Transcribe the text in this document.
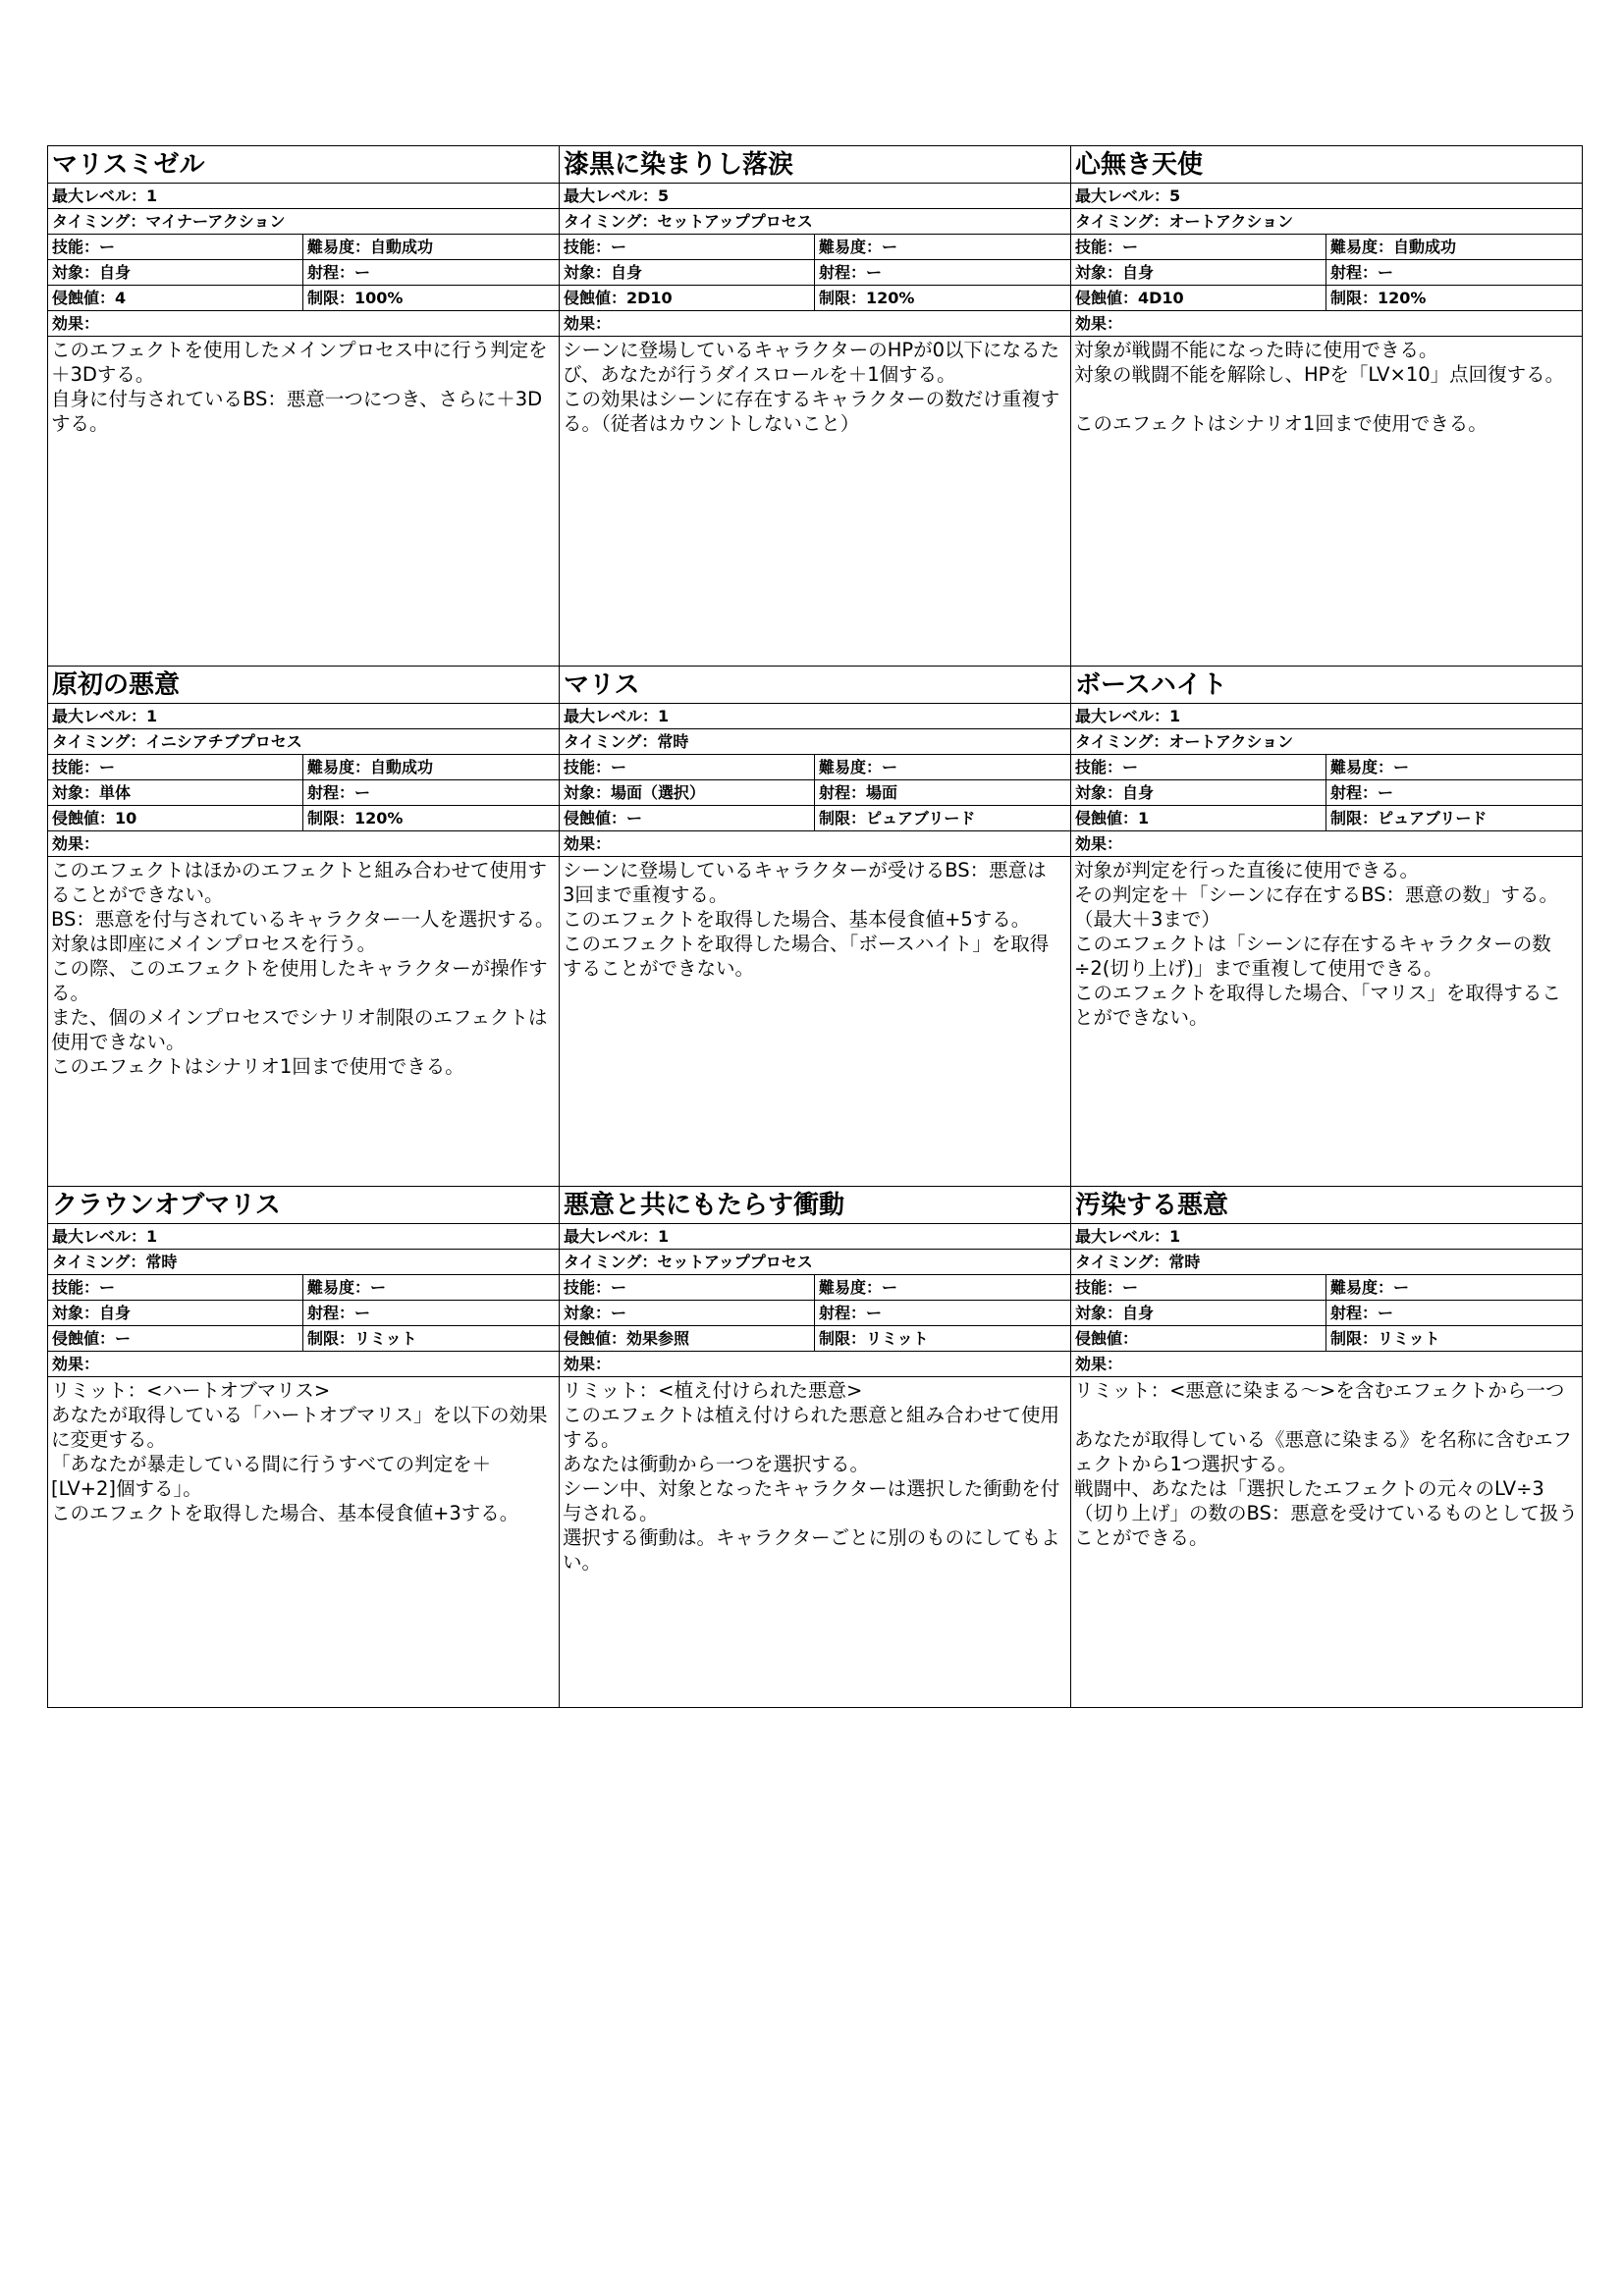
マリスミゼル
最大レベル：1
タイミング：マイナーアクション
技能：ー	難易度：自動成功
対象：自身	射程：ー
侵蝕値：4	制限：100%
効果：
このエフェクトを使用したメインプロセス中に行う判定を＋3Dする。
自身に付与されているBS：悪意一つにつき、さらに＋3Dする。
漆黒に染まりし落涙
最大レベル：5
タイミング：セットアッププロセス
技能：ー	難易度：ー
対象：自身	射程：ー
侵蝕値：2D10	制限：120%
効果：
シーンに登場しているキャラクターのHPが0以下になるたび、あなたが行うダイスロールを＋1個する。
この効果はシーンに存在するキャラクターの数だけ重複する。（従者はカウントしないこと）
心無き天使
最大レベル：5
タイミング：オートアクション
技能：ー	難易度：自動成功
対象：自身	射程：ー
侵蝕値：4D10	制限：120%
効果：
対象が戦闘不能になった時に使用できる。
対象の戦闘不能を解除し、HPを「LV×10」点回復する。

このエフェクトはシナリオ1回まで使用できる。
原初の悪意
最大レベル：1
タイミング：イニシアチブプロセス
技能：ー	難易度：自動成功
対象：単体	射程：ー
侵蝕値：10	制限：120%
効果：
このエフェクトはほかのエフェクトと組み合わせて使用することができない。
BS：悪意を付与されているキャラクター一人を選択する。
対象は即座にメインプロセスを行う。
この際、このエフェクトを使用したキャラクターが操作する。
また、個のメインプロセスでシナリオ制限のエフェクトは使用できない。
このエフェクトはシナリオ1回まで使用できる。
マリス
最大レベル：1
タイミング：常時
技能：ー	難易度：ー
対象：場面（選択）	射程：場面
侵蝕値：ー	制限：ピュアブリード
効果：
シーンに登場しているキャラクターが受けるBS：悪意は
3回まで重複する。
このエフェクトを取得した場合、基本侵食値+5する。
このエフェクトを取得した場合、「ボースハイト」を取得することができない。
ボースハイト
最大レベル：1
タイミング：オートアクション
技能：ー	難易度：ー
対象：自身	射程：ー
侵蝕値：1	制限：ピュアブリード
効果：
対象が判定を行った直後に使用できる。
その判定を＋「シーンに存在するBS：悪意の数」する。（最大＋3まで）
このエフェクトは「シーンに存在するキャラクターの数÷2(切り上げ)」まで重複して使用できる。
このエフェクトを取得した場合、「マリス」を取得することができない。
クラウンオブマリス
最大レベル：1
タイミング：常時
技能：ー	難易度：ー
対象：自身	射程：ー
侵蝕値：ー	制限：リミット
効果：
リミット：<ハートオブマリス>
あなたが取得している「ハートオブマリス」を以下の効果に変更する。
「あなたが暴走している間に行うすべての判定を＋[LV+2]個する」。
このエフェクトを取得した場合、基本侵食値+3する。
悪意と共にもたらす衝動
最大レベル：1
タイミング：セットアッププロセス
技能：ー	難易度：ー
対象：ー	射程：ー
侵蝕値：効果参照	制限：リミット
効果：
リミット：<植え付けられた悪意>
このエフェクトは植え付けられた悪意と組み合わせて使用する。
あなたは衝動から一つを選択する。
シーン中、対象となったキャラクターは選択した衝動を付与される。
選択する衝動は。キャラクターごとに別のものにしてもよい。
汚染する悪意
最大レベル：1
タイミング：常時
技能：ー	難易度：ー
対象：自身	射程：ー
侵蝕値：	制限：リミット
効果：
リミット：<悪意に染まる～>を含むエフェクトから一つ

あなたが取得している《悪意に染まる》を名称に含むエフェクトから1つ選択する。
戦闘中、あなたは「選択したエフェクトの元々のLV÷3（切り上げ」の数のBS：悪意を受けているものとして扱うことができる。
